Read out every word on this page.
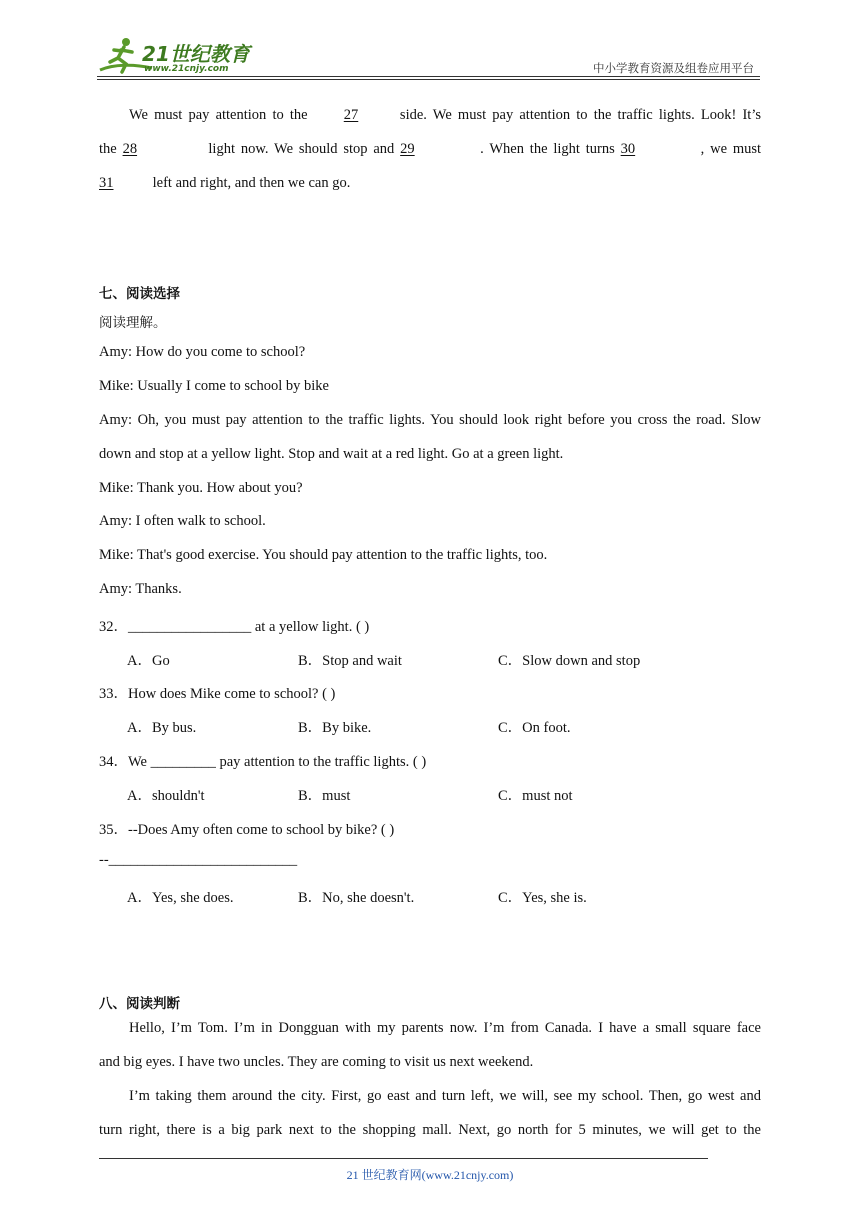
21世纪教育
www.21cnjy.com	中小学教育资源及组卷应用平台
We must pay attention to the 27	side. We must pay attention to the traffic lights. Look! It’s
the 28	light now. We should stop and 29	. When the light turns 30	, we must
31	left and right, and then we can go.
七、阅读选择
阅读理解。
Amy: How do you come to school?
Mike: Usually I come to school by bike
Amy: Oh, you must pay attention to the traffic lights. You should look right before you cross the road. Slow
down and stop at a yellow light. Stop and wait at a red light. Go at a green light.
Mike: Thank you. How about you?
Amy: I often walk to school.
Mike: That's good exercise. You should pay attention to the traffic lights, too.
Amy: Thanks.
32．_________________ at a yellow light. ( )
A．Go	B．Stop and wait	C．Slow down and stop
33．How does Mike come to school? ( )
A．By bus.	B．By bike.	C．On foot.
34．We _________ pay attention to the traffic lights. ( )
A．shouldn't	B．must	C．must not
35．--Does Amy often come to school by bike? ( )
--__________________________
A．Yes, she does.	B．No, she doesn't.	C．Yes, she is.
八、阅读判断
Hello, I’m Tom. I’m in Dongguan with my parents now. I’m from Canada. I have a small square face
and big eyes. I have two uncles. They are coming to visit us next weekend.
I’m taking them around the city. First, go east and turn left, we will, see my school. Then, go west and
turn right, there is a big park next to the shopping mall. Next, go north for 5 minutes, we will get to the
21 世纪教育网(www.21cnjy.com)
